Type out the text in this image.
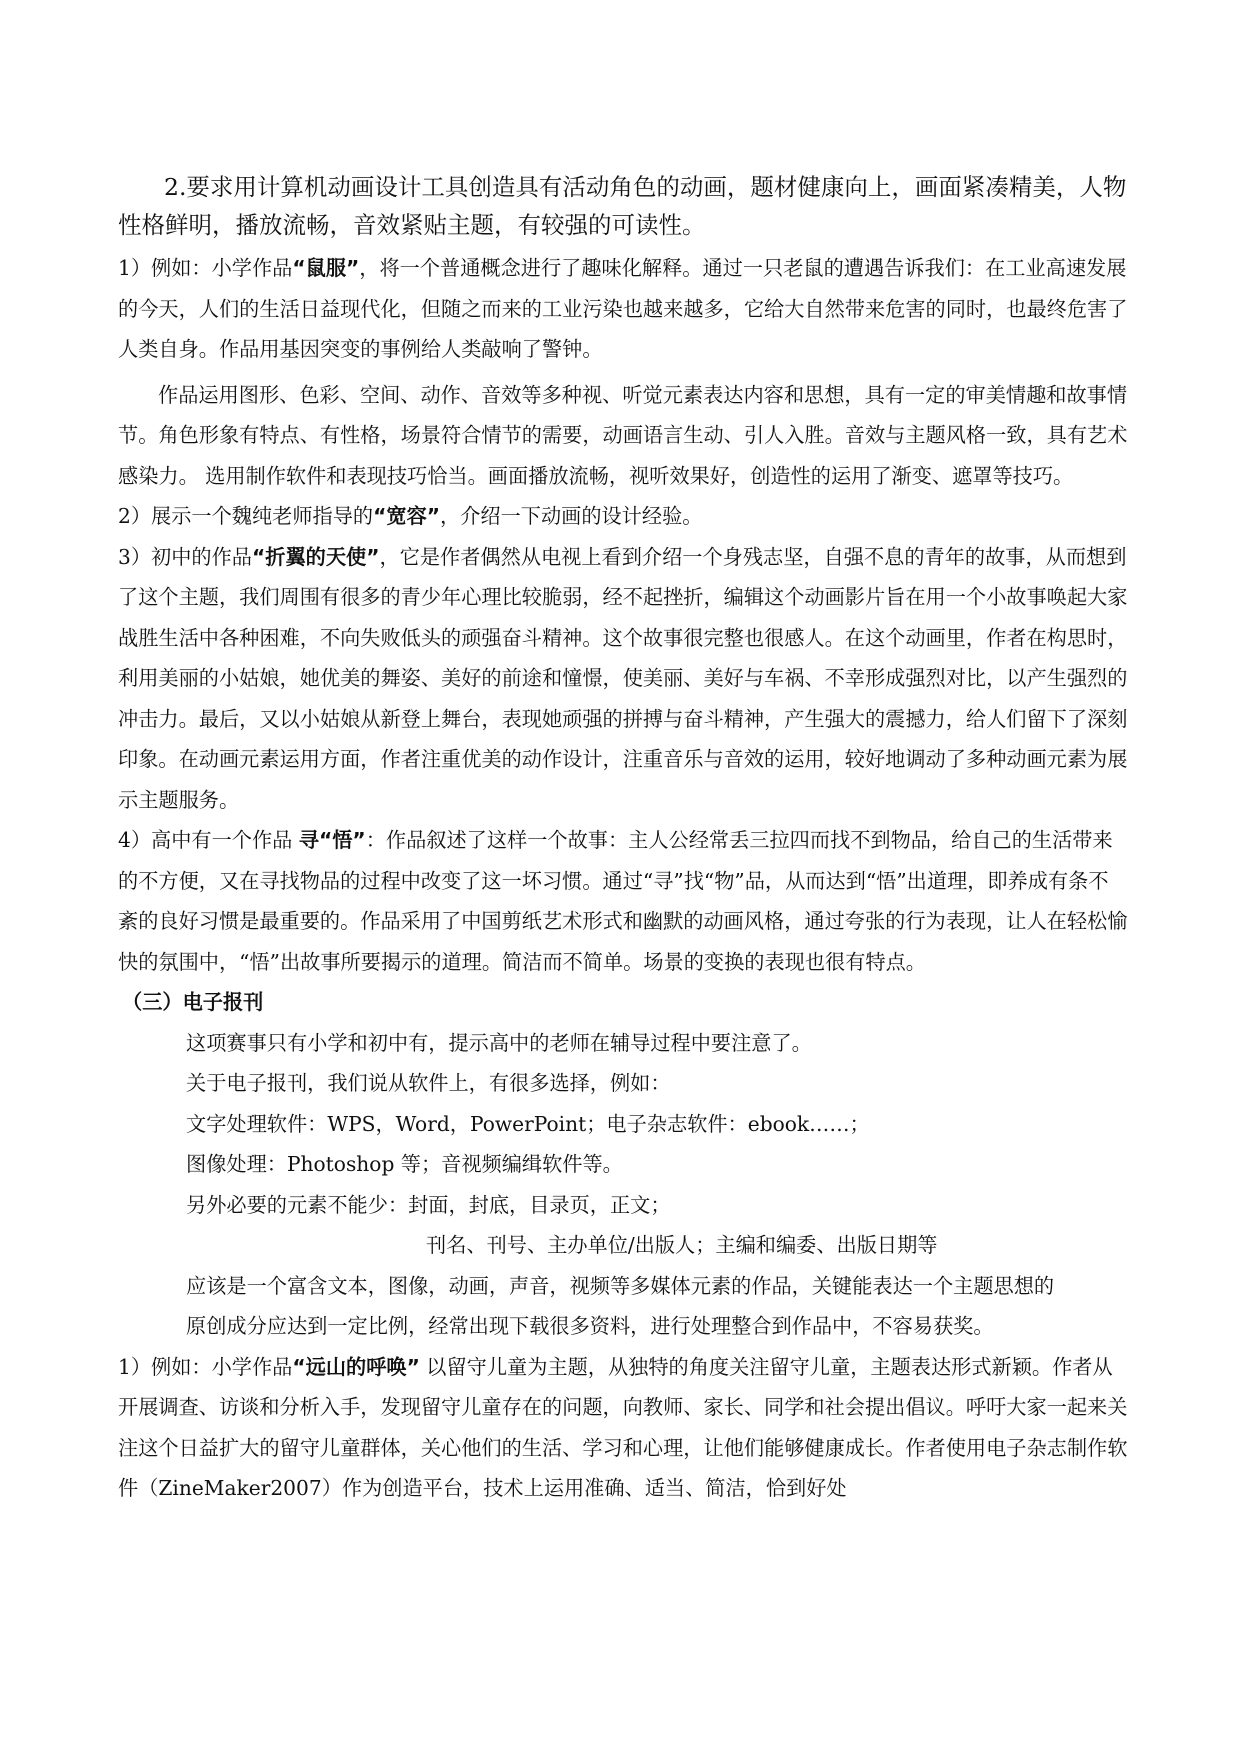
2.要求用计算机动画设计工具创造具有活动角色的动画，题材健康向上，画面紧凑精美，人物性格鲜明，播放流畅，音效紧贴主题，有较强的可读性。

1）例如：小学作品“鼠服”，将一个普通概念进行了趣味化解释。通过一只老鼠的遭遇告诉我们：在工业高速发展的今天，人们的生活日益现代化，但随之而来的工业污染也越来越多，它给大自然带来危害的同时，也最终危害了人类自身。作品用基因突变的事例给人类敲响了警钟。

作品运用图形、色彩、空间、动作、音效等多种视、听觉元素表达内容和思想，具有一定的审美情趣和故事情节。角色形象有特点、有性格，场景符合情节的需要，动画语言生动、引人入胜。音效与主题风格一致，具有艺术感染力。 选用制作软件和表现技巧恰当。画面播放流畅，视听效果好，创造性的运用了渐变、遮罩等技巧。

2）展示一个魏纯老师指导的“宽容”，介绍一下动画的设计经验。

3）初中的作品“折翼的天使”，它是作者偶然从电视上看到介绍一个身残志坚，自强不息的青年的故事，从而想到了这个主题，我们周围有很多的青少年心理比较脆弱，经不起挫折，编辑这个动画影片旨在用一个小故事唤起大家战胜生活中各种困难，不向失败低头的顽强奋斗精神。这个故事很完整也很感人。在这个动画里，作者在构思时，利用美丽的小姑娘，她优美的舞姿、美好的前途和憧憬，使美丽、美好与车祸、不幸形成强烈对比，以产生强烈的冲击力。最后，又以小姑娘从新登上舞台，表现她顽强的拼搏与奋斗精神，产生强大的震撼力，给人们留下了深刻印象。在动画元素运用方面，作者注重优美的动作设计，注重音乐与音效的运用，较好地调动了多种动画元素为展示主题服务。

4）高中有一个作品 寻“悟”：作品叙述了这样一个故事：主人公经常丢三拉四而找不到物品，给自己的生活带来的不方便，又在寻找物品的过程中改变了这一坏习惯。通过“寻”找“物”品，从而达到“悟”出道理，即养成有条不紊的良好习惯是最重要的。作品采用了中国剪纸艺术形式和幽默的动画风格，通过夸张的行为表现，让人在轻松愉快的氛围中，“悟”出故事所要揭示的道理。简洁而不简单。场景的变换的表现也很有特点。

（三）电子报刊

这项赛事只有小学和初中有，提示高中的老师在辅导过程中要注意了。

关于电子报刊，我们说从软件上，有很多选择，例如：

文字处理软件：WPS，Word，PowerPoint；电子杂志软件：ebook……；

图像处理：Photoshop 等；音视频编缉软件等。

另外必要的元素不能少：封面，封底，目录页，正文；

刊名、刊号、主办单位/出版人；主编和编委、出版日期等

应该是一个富含文本，图像，动画，声音，视频等多媒体元素的作品，关键能表达一个主题思想的

原创成分应达到一定比例，经常出现下载很多资料，进行处理整合到作品中，不容易获奖。

1）例如：小学作品“远山的呼唤” 以留守儿童为主题，从独特的角度关注留守儿童，主题表达形式新颖。作者从开展调查、访谈和分析入手，发现留守儿童存在的问题，向教师、家长、同学和社会提出倡议。呼吁大家一起来关注这个日益扩大的留守儿童群体，关心他们的生活、学习和心理，让他们能够健康成长。作者使用电子杂志制作软件（ZineMaker2007）作为创造平台，技术上运用准确、适当、简洁，恰到好处
